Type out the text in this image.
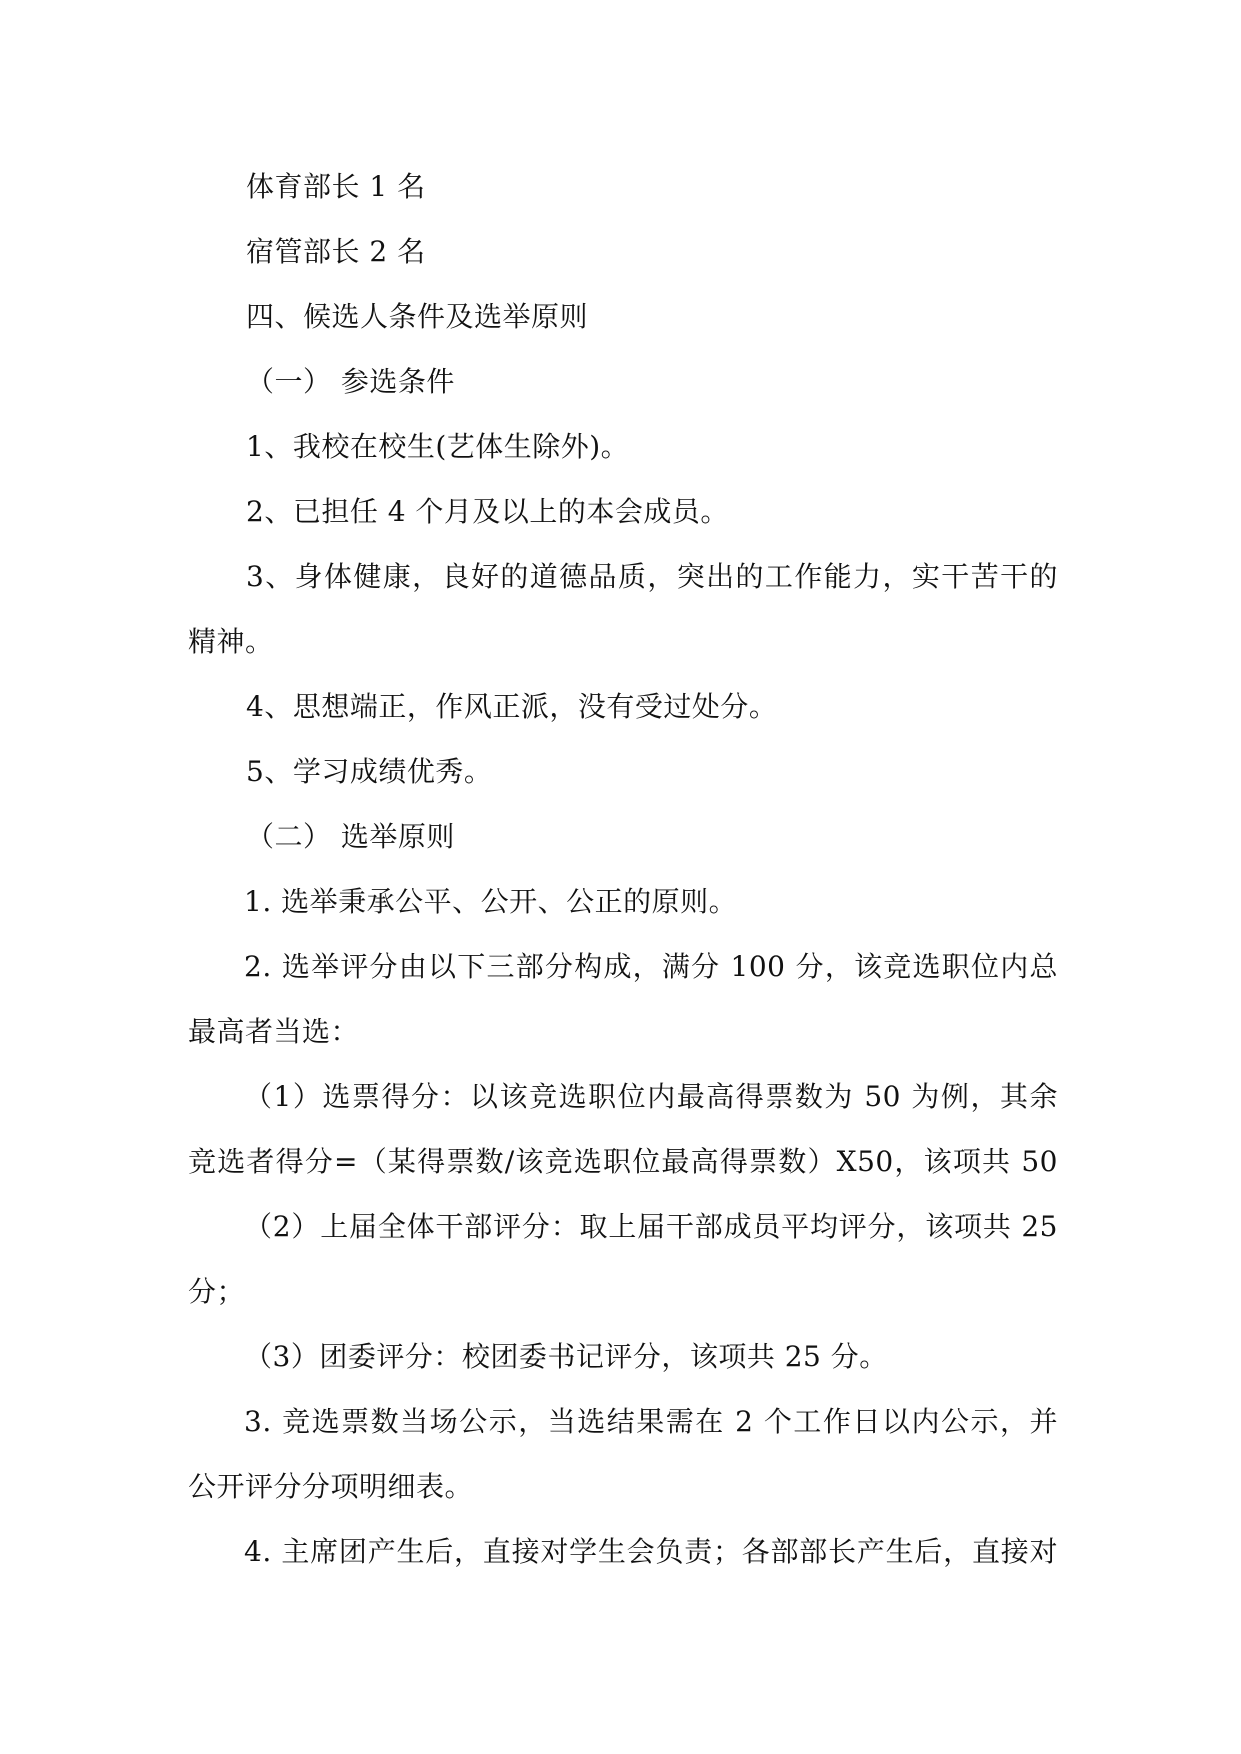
体育部长 1 名
宿管部长 2 名
四、候选人条件及选举原则
（一） 参选条件
1、我校在校生(艺体生除外)。
2、已担任 4 个月及以上的本会成员。
3、身体健康，良好的道德品质，突出的工作能力，实干苦干的
精神。
4、思想端正，作风正派，没有受过处分。
5、学习成绩优秀。
（二） 选举原则
1. 选举秉承公平、公开、公正的原则。
2. 选举评分由以下三部分构成，满分 100 分，该竞选职位内总
最高者当选：
（1）选票得分：以该竞选职位内最高得票数为 50 为例，其余
竞选者得分=（某得票数/该竞选职位最高得票数）X50，该项共 50
（2）上届全体干部评分：取上届干部成员平均评分，该项共 25
分；
（3）团委评分：校团委书记评分，该项共 25 分。
3. 竞选票数当场公示，当选结果需在 2 个工作日以内公示，并
公开评分分项明细表。
4. 主席团产生后，直接对学生会负责；各部部长产生后，直接对
